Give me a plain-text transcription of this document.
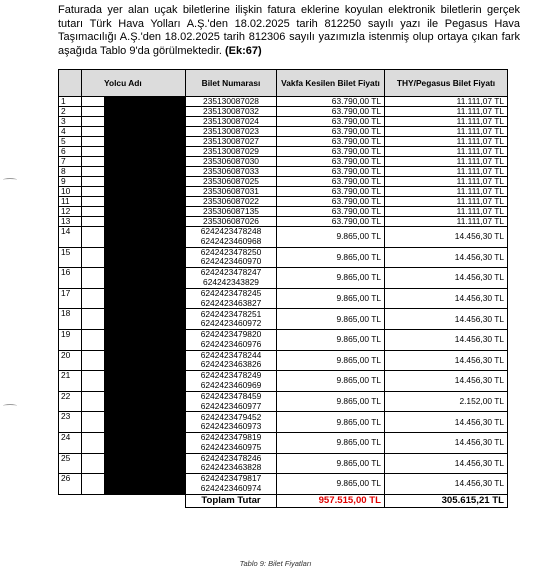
Faturada yer alan uçak biletlerine ilişkin fatura eklerine koyulan elektronik biletlerin gerçek tutarı Türk Hava Yolları A.Ş.'den 18.02.2025 tarih 812250 sayılı yazı ile Pegasus Hava Taşımacılığı A.Ş.'den 18.02.2025 tarih 812306 sayılı yazımızla istenmiş olup ortaya çıkan fark aşağıda Tablo 9'da görülmektedir. (Ek:67)

	Yolcu Adı	Bilet Numarası	Vakfa Kesilen Bilet Fiyatı	THY/Pegasus Bilet Fiyatı
1		235130087028	63.790,00 TL	11.111,07 TL
2		235130087032	63.790,00 TL	11.111,07 TL
3		235130087024	63.790,00 TL	11.111,07 TL
4		235130087023	63.790,00 TL	11.111,07 TL
5		235130087027	63.790,00 TL	11.111,07 TL
6		235130087029	63.790,00 TL	11.111,07 TL
7		235306087030	63.790,00 TL	11.111,07 TL
8		235306087033	63.790,00 TL	11.111,07 TL
9		235306087025	63.790,00 TL	11.111,07 TL
10		235306087031	63.790,00 TL	11.111,07 TL
11		235306087022	63.790,00 TL	11.111,07 TL
12		235306087135	63.790,00 TL	11.111,07 TL
13		235306087026	63.790,00 TL	11.111,07 TL
14		6242423478248
6242423460968	9.865,00 TL	14.456,30 TL
15		6242423478250
6242423460970	9.865,00 TL	14.456,30 TL
16		6242423478247
624242343829	9.865,00 TL	14.456,30 TL
17		6242423478245
6242423463827	9.865,00 TL	14.456,30 TL
18		6242423478251
6242423460972	9.865,00 TL	14.456,30 TL
19		6242423479820
6242423460976	9.865,00 TL	14.456,30 TL
20		6242423478244
6242423463826	9.865,00 TL	14.456,30 TL
21		6242423478249
6242423460969	9.865,00 TL	14.456,30 TL
22		6242423478459
6242423460977	9.865,00 TL	2.152,00 TL
23		6242423479452
6242423460973	9.865,00 TL	14.456,30 TL
24		6242423479819
6242423460975	9.865,00 TL	14.456,30 TL
25		6242423478246
6242423463828	9.865,00 TL	14.456,30 TL
26		6242423479817
6242423460974	9.865,00 TL	14.456,30 TL
		Toplam Tutar	957.515,00 TL	305.615,21 TL
Tablo 9: Bilet Fiyatları
